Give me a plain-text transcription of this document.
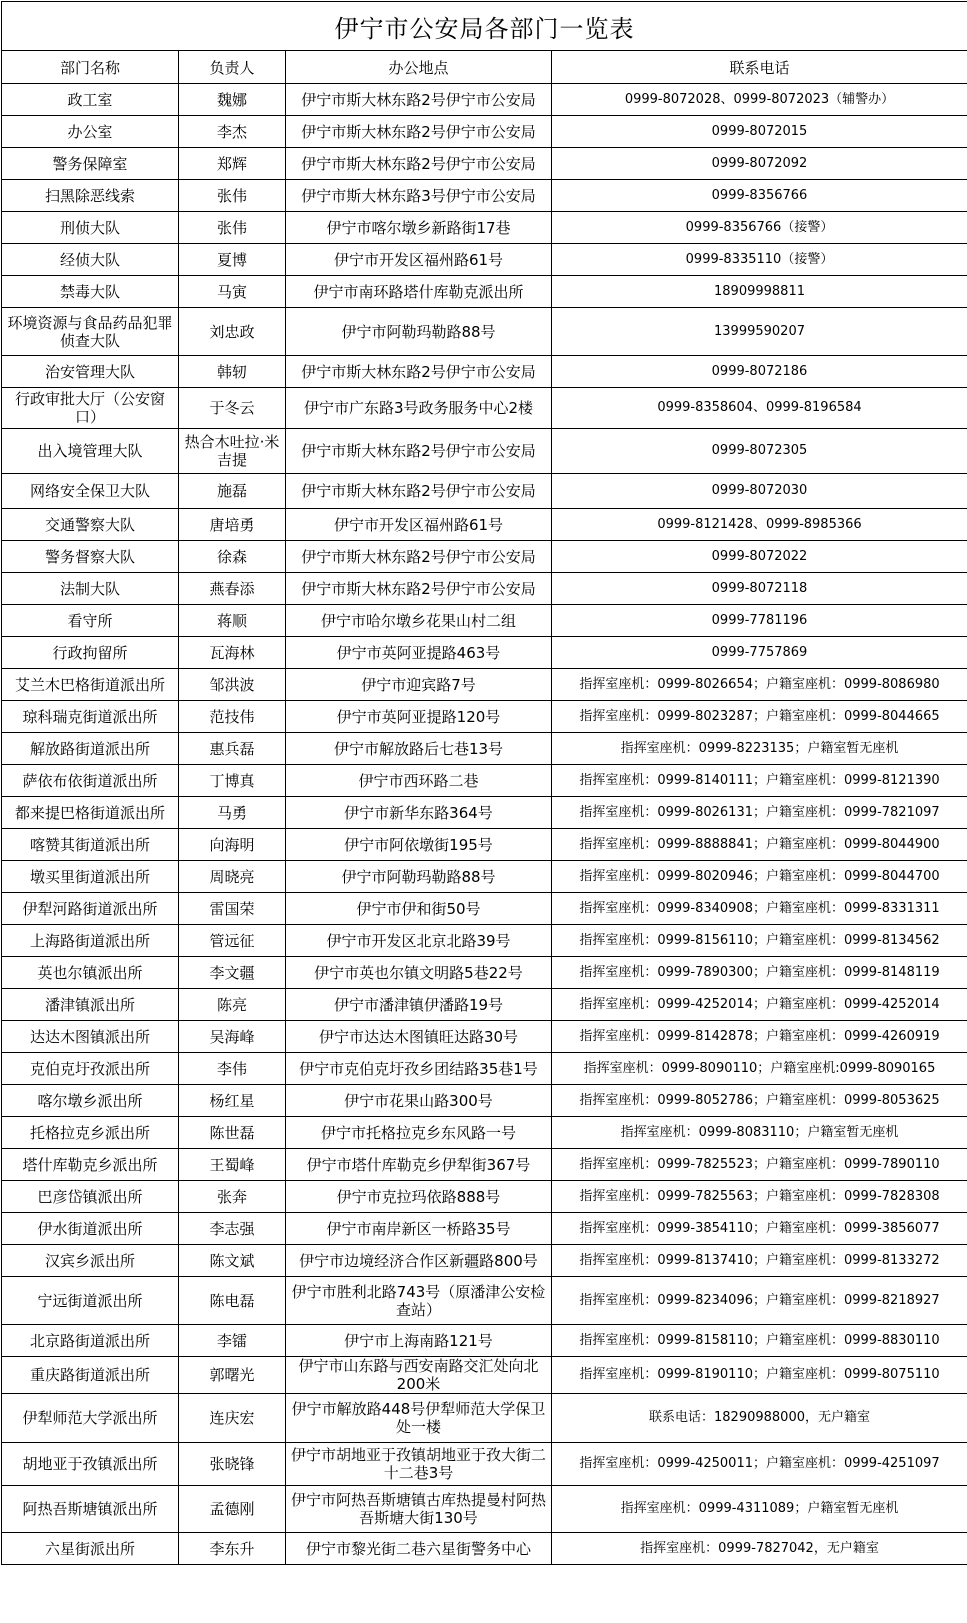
伊宁市公安局各部门一览表			
部门名称	负责人	办公地点	联系电话
政工室	魏娜	伊宁市斯大林东路2号伊宁市公安局	0999-8072028、0999-8072023（辅警办）
办公室	李杰	伊宁市斯大林东路2号伊宁市公安局	0999-8072015
警务保障室	郑辉	伊宁市斯大林东路2号伊宁市公安局	0999-8072092
扫黑除恶线索	张伟	伊宁市斯大林东路3号伊宁市公安局	0999-8356766
刑侦大队	张伟	伊宁市喀尔墩乡新路街17巷	0999-8356766（接警）
经侦大队	夏博	伊宁市开发区福州路61号	0999-8335110（接警）
禁毒大队	马寅	伊宁市南环路塔什库勒克派出所	18909998811
环境资源与食品药品犯罪侦查大队	刘忠政	伊宁市阿勒玛勒路88号	13999590207
治安管理大队	韩轫	伊宁市斯大林东路2号伊宁市公安局	0999-8072186
行政审批大厅（公安窗口）	于冬云	伊宁市广东路3号政务服务中心2楼	0999-8358604、0999-8196584
出入境管理大队	热合木吐拉·米吉提	伊宁市斯大林东路2号伊宁市公安局	0999-8072305
网络安全保卫大队	施磊	伊宁市斯大林东路2号伊宁市公安局	0999-8072030
交通警察大队	唐培勇	伊宁市开发区福州路61号	0999-8121428、0999-8985366
警务督察大队	徐森	伊宁市斯大林东路2号伊宁市公安局	0999-8072022
法制大队	燕春添	伊宁市斯大林东路2号伊宁市公安局	0999-8072118
看守所	蒋顺	伊宁市哈尔墩乡花果山村二组	0999-7781196
行政拘留所	瓦海林	伊宁市英阿亚提路463号	0999-7757869
艾兰木巴格街道派出所	邹洪波	伊宁市迎宾路7号	指挥室座机：0999-8026654；户籍室座机：0999-8086980
琼科瑞克街道派出所	范技伟	伊宁市英阿亚提路120号	指挥室座机：0999-8023287；户籍室座机：0999-8044665
解放路街道派出所	惠兵磊	伊宁市解放路后七巷13号	指挥室座机：0999-8223135；户籍室暂无座机
萨依布依街道派出所	丁博真	伊宁市西环路二巷	指挥室座机：0999-8140111；户籍室座机：0999-8121390
都来提巴格街道派出所	马勇	伊宁市新华东路364号	指挥室座机：0999-8026131；户籍室座机：0999-7821097
喀赞其街道派出所	向海明	伊宁市阿依墩街195号	指挥室座机：0999-8888841；户籍室座机：0999-8044900
墩买里街道派出所	周晓亮	伊宁市阿勒玛勒路88号	指挥室座机：0999-8020946；户籍室座机：0999-8044700
伊犁河路街道派出所	雷国荣	伊宁市伊和街50号	指挥室座机：0999-8340908；户籍室座机：0999-8331311
上海路街道派出所	管远征	伊宁市开发区北京北路39号	指挥室座机：0999-8156110；户籍室座机：0999-8134562
英也尔镇派出所	李文疆	伊宁市英也尔镇文明路5巷22号	指挥室座机：0999-7890300；户籍室座机：0999-8148119
潘津镇派出所	陈亮	伊宁市潘津镇伊潘路19号	指挥室座机：0999-4252014；户籍室座机：0999-4252014
达达木图镇派出所	吴海峰	伊宁市达达木图镇旺达路30号	指挥室座机：0999-8142878；户籍室座机：0999-4260919
克伯克圩孜派出所	李伟	伊宁市克伯克圩孜乡团结路35巷1号	指挥室座机：0999-8090110；户籍室座机:0999-8090165
喀尔墩乡派出所	杨红星	伊宁市花果山路300号	指挥室座机：0999-8052786；户籍室座机：0999-8053625
托格拉克乡派出所	陈世磊	伊宁市托格拉克乡东风路一号	指挥室座机：0999-8083110；户籍室暂无座机
塔什库勒克乡派出所	王蜀峰	伊宁市塔什库勒克乡伊犁街367号	指挥室座机：0999-7825523；户籍室座机：0999-7890110
巴彦岱镇派出所	张奔	伊宁市克拉玛依路888号	指挥室座机：0999-7825563；户籍室座机：0999-7828308
伊水街道派出所	李志强	伊宁市南岸新区一桥路35号	指挥室座机：0999-3854110；户籍室座机：0999-3856077
汉宾乡派出所	陈文斌	伊宁市边境经济合作区新疆路800号	指挥室座机：0999-8137410；户籍室座机：0999-8133272
宁远街道派出所	陈电磊	伊宁市胜利北路743号（原潘津公安检查站）	指挥室座机：0999-8234096；户籍室座机：0999-8218927
北京路街道派出所	李镭	伊宁市上海南路121号	指挥室座机：0999-8158110；户籍室座机：0999-8830110
重庆路街道派出所	郭曙光	伊宁市山东路与西安南路交汇处向北200米	指挥室座机：0999-8190110；户籍室座机：0999-8075110
伊犁师范大学派出所	连庆宏	伊宁市解放路448号伊犁师范大学保卫处一楼	联系电话：18290988000，无户籍室
胡地亚于孜镇派出所	张晓锋	伊宁市胡地亚于孜镇胡地亚于孜大街二十二巷3号	指挥室座机：0999-4250011；户籍室座机：0999-4251097
阿热吾斯塘镇派出所	孟德刚	伊宁市阿热吾斯塘镇古库热提曼村阿热吾斯塘大街130号	指挥室座机：0999-4311089；户籍室暂无座机
六星街派出所	李东升	伊宁市黎光街二巷六星街警务中心	指挥室座机：0999-7827042，无户籍室
